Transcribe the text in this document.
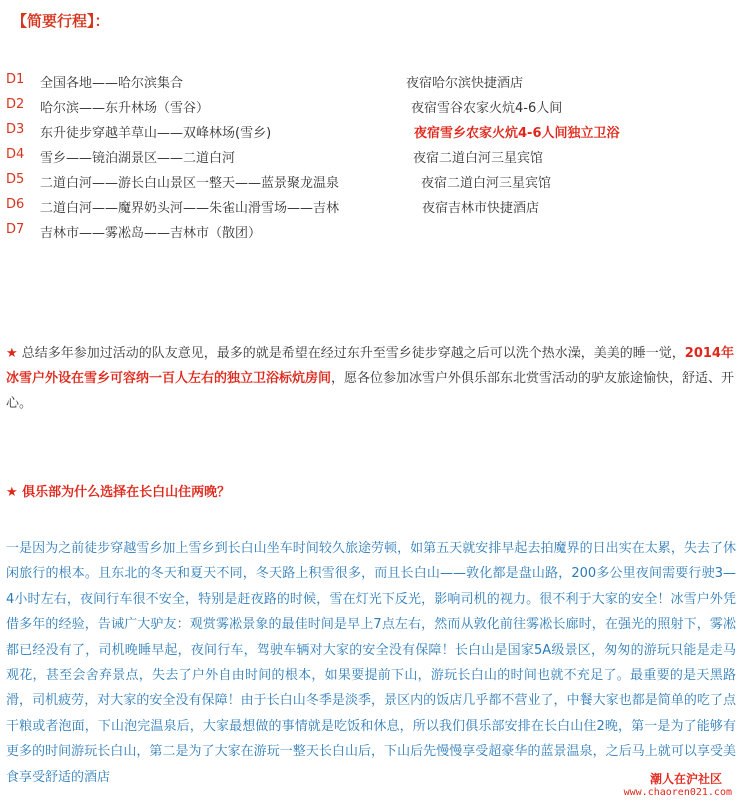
【简要行程】：
D1 全国各地——哈尔滨集合	夜宿哈尔滨快捷酒店
D2 哈尔滨——东升林场（雪谷）	夜宿雪谷农家火炕4-6人间
D3 东升徒步穿越羊草山——双峰林场(雪乡)	夜宿雪乡农家火炕4-6人间独立卫浴
D4 雪乡——镜泊湖景区——二道白河	夜宿二道白河三星宾馆
D5 二道白河——游长白山景区一整天——蓝景聚龙温泉	夜宿二道白河三星宾馆
D6 二道白河——魔界奶头河——朱雀山滑雪场——吉林	夜宿吉林市快捷酒店
D7 吉林市——雾凇岛——吉林市（散团）
★ 总结多年参加过活动的队友意见，最多的就是希望在经过东升至雪乡徒步穿越之后可以洗个热水澡，美美的睡一觉，2014年冰雪户外设在雪乡可容纳一百人左右的独立卫浴标炕房间，愿各位参加冰雪户外俱乐部东北赏雪活动的驴友旅途愉快，舒适、开心。
★ 俱乐部为什么选择在长白山住两晚？
一是因为之前徒步穿越雪乡加上雪乡到长白山坐车时间较久旅途劳顿，如第五天就安排早起去拍魔界的日出实在太累，失去了休闲旅行的根本。且东北的冬天和夏天不同，冬天路上积雪很多，而且长白山——敦化都是盘山路，200多公里夜间需要行驶3—4小时左右，夜间行车很不安全，特别是赶夜路的时候，雪在灯光下反光，影响司机的视力。很不利于大家的安全！冰雪户外凭借多年的经验，告诫广大驴友：观赏雾凇景象的最佳时间是早上7点左右，然而从敦化前往雾凇长廊时，在强光的照射下，雾凇都已经没有了，司机晚睡早起，夜间行车，驾驶车辆对大家的安全没有保障！长白山是国家5A级景区，匆匆的游玩只能是走马观花，甚至会舍弃景点，失去了户外自由时间的根本，如果要提前下山，游玩长白山的时间也就不充足了。最重要的是天黑路滑，司机疲劳，对大家的安全没有保障！由于长白山冬季是淡季，景区内的饭店几乎都不营业了，中餐大家也都是简单的吃了点干粮或者泡面，下山泡完温泉后，大家最想做的事情就是吃饭和休息，所以我们俱乐部安排在长白山住2晚，第一是为了能够有更多的时间游玩长白山，第二是为了大家在游玩一整天长白山后，下山后先慢慢享受超豪华的蓝景温泉，之后马上就可以享受美食享受舒适的酒店	潮人在沪社区
www.chaoren021.com
